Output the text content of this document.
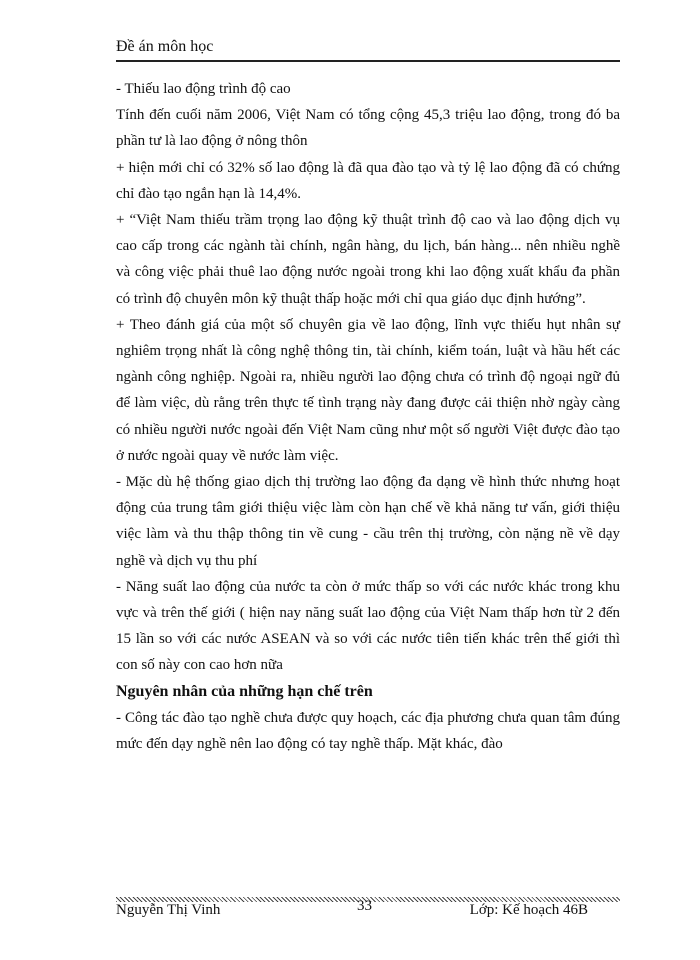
Đề án môn học

- Thiếu lao động trình độ cao

Tính đến cuối năm 2006, Việt Nam có tổng cộng 45,3 triệu lao động, trong đó ba phần tư là lao động ở nông thôn

+ hiện mới chỉ có 32% số lao động là đã qua đào tạo và tỷ lệ lao động đã có chứng chỉ đào tạo ngắn hạn là 14,4%.

+ “Việt Nam thiếu trầm trọng lao động kỹ thuật trình độ cao và lao động dịch vụ cao cấp trong các ngành tài chính, ngân hàng, du lịch, bán hàng... nên nhiều nghề và công việc phải thuê lao động nước ngoài trong khi lao động xuất khẩu đa phần có trình độ chuyên môn kỹ thuật thấp hoặc mới chỉ qua giáo dục định hướng”.

+ Theo đánh giá của một số chuyên gia về lao động, lĩnh vực thiếu hụt nhân sự nghiêm trọng nhất là công nghệ thông tin, tài chính, kiểm toán, luật và hầu hết các ngành công nghiệp. Ngoài ra, nhiều người lao động chưa có trình độ ngoại ngữ đủ để làm việc, dù rằng trên thực tế tình trạng này đang được cải thiện nhờ ngày càng có nhiều người nước ngoài đến Việt Nam cũng như một số người Việt được đào tạo ở nước ngoài quay về nước làm việc.

- Mặc dù hệ thống giao dịch thị trường lao động đa dạng về hình thức nhưng hoạt động của trung tâm giới thiệu việc làm còn hạn chế về khả năng tư vấn, giới thiệu việc làm và thu thập thông tin về cung - cầu trên thị trường, còn nặng nề về dạy nghề và dịch vụ thu phí

- Năng suất lao động của nước ta còn ở mức thấp so với các nước khác trong khu vực và trên thế giới ( hiện nay năng suất lao động của Việt Nam thấp hơn từ 2 đến 15 lần so với các nước ASEAN và so với các nước tiên tiến khác trên thế giới thì con số này con cao hơn nữa

Nguyên nhân của những hạn chế trên

- Công tác đào tạo nghề chưa được quy hoạch, các địa phương chưa quan tâm đúng mức đến dạy nghề nên lao động có tay nghề thấp. Mặt khác, đào

Nguyễn Thị Vinh	33	Lớp: Kế hoạch 46B
